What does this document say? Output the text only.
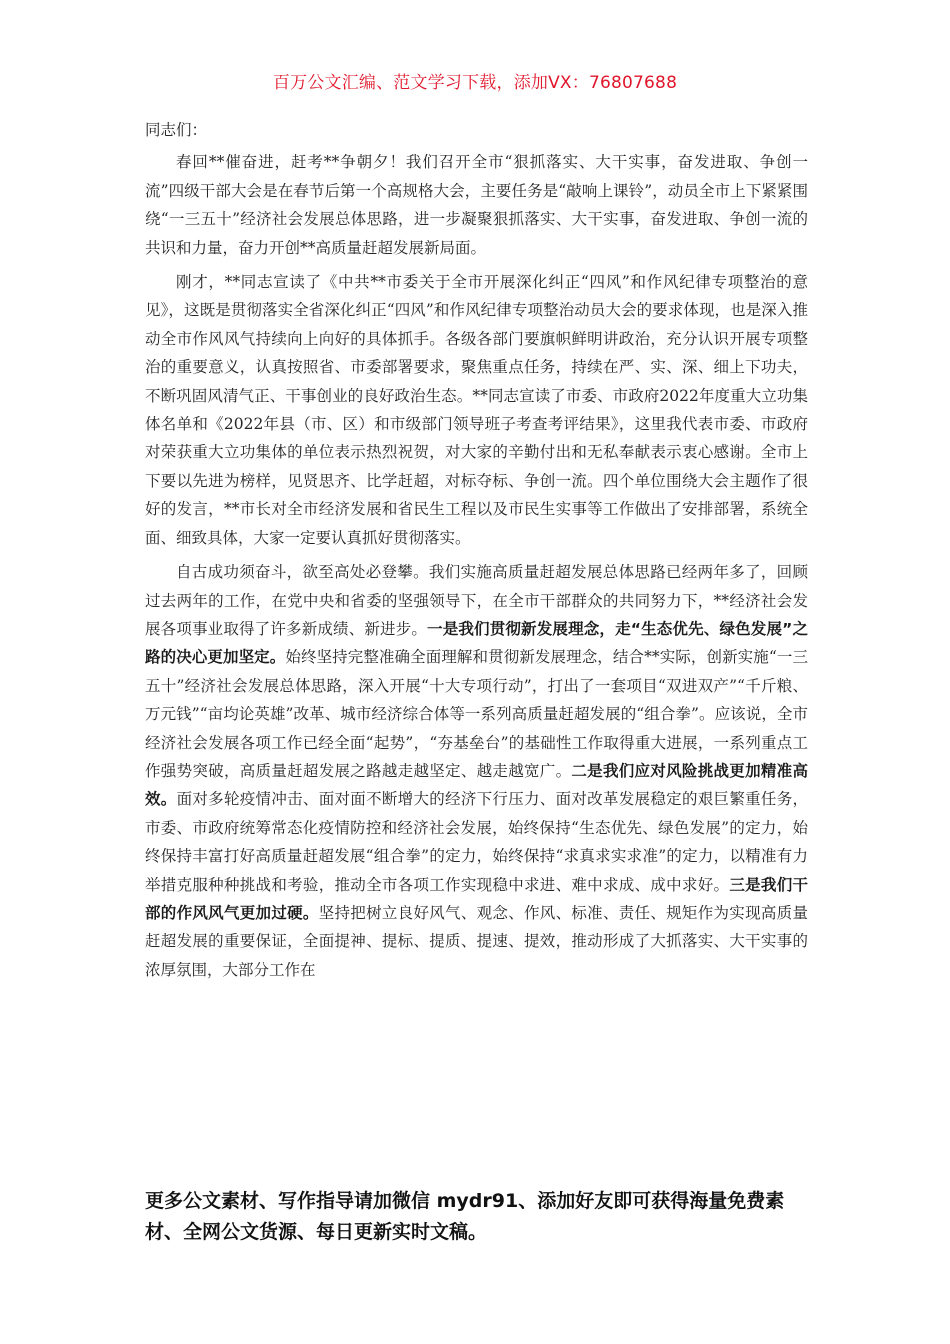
百万公文汇编、范文学习下载，添加VX：76807688

同志们：

春回**催奋进，赶考**争朝夕！我们召开全市“狠抓落实、大干实事，奋发进取、争创一流”四级干部大会是在春节后第一个高规格大会，主要任务是“敲响上课铃”，动员全市上下紧紧围绕“一三五十”经济社会发展总体思路，进一步凝聚狠抓落实、大干实事，奋发进取、争创一流的共识和力量，奋力开创**高质量赶超发展新局面。

刚才，**同志宣读了《中共**市委关于全市开展深化纠正“四风”和作风纪律专项整治的意见》，这既是贯彻落实全省深化纠正“四风”和作风纪律专项整治动员大会的要求体现，也是深入推动全市作风风气持续向上向好的具体抓手。各级各部门要旗帜鲜明讲政治，充分认识开展专项整治的重要意义，认真按照省、市委部署要求，聚焦重点任务，持续在严、实、深、细上下功夫，不断巩固风清气正、干事创业的良好政治生态。**同志宣读了市委、市政府2022年度重大立功集体名单和《2022年县（市、区）和市级部门领导班子考查考评结果》，这里我代表市委、市政府对荣获重大立功集体的单位表示热烈祝贺，对大家的辛勤付出和无私奉献表示衷心感谢。全市上下要以先进为榜样，见贤思齐、比学赶超，对标夺标、争创一流。四个单位围绕大会主题作了很好的发言，**市长对全市经济发展和省民生工程以及市民生实事等工作做出了安排部署，系统全面、细致具体，大家一定要认真抓好贯彻落实。

自古成功须奋斗，欲至高处必登攀。我们实施高质量赶超发展总体思路已经两年多了，回顾过去两年的工作，在党中央和省委的坚强领导下，在全市干部群众的共同努力下，**经济社会发展各项事业取得了许多新成绩、新进步。一是我们贯彻新发展理念，走“生态优先、绿色发展”之路的决心更加坚定。始终坚持完整准确全面理解和贯彻新发展理念，结合**实际，创新实施“一三五十”经济社会发展总体思路，深入开展“十大专项行动”，打出了一套项目“双进双产”“千斤粮、万元钱”“亩均论英雄”改革、城市经济综合体等一系列高质量赶超发展的“组合拳”。应该说，全市经济社会发展各项工作已经全面“起势”，“夯基垒台”的基础性工作取得重大进展，一系列重点工作强势突破，高质量赶超发展之路越走越坚定、越走越宽广。二是我们应对风险挑战更加精准高效。面对多轮疫情冲击、面对面不断增大的经济下行压力、面对改革发展稳定的艰巨繁重任务，市委、市政府统筹常态化疫情防控和经济社会发展，始终保持“生态优先、绿色发展”的定力，始终保持丰富打好高质量赶超发展“组合拳”的定力，始终保持“求真求实求准”的定力，以精准有力举措克服种种挑战和考验，推动全市各项工作实现稳中求进、难中求成、成中求好。三是我们干部的作风风气更加过硬。坚持把树立良好风气、观念、作风、标准、责任、规矩作为实现高质量赶超发展的重要保证，全面提神、提标、提质、提速、提效，推动形成了大抓落实、大干实事的浓厚氛围，大部分工作在

更多公文素材、写作指导请加微信 mydr91、添加好友即可获得海量免费素材、全网公文货源、每日更新实时文稿。
